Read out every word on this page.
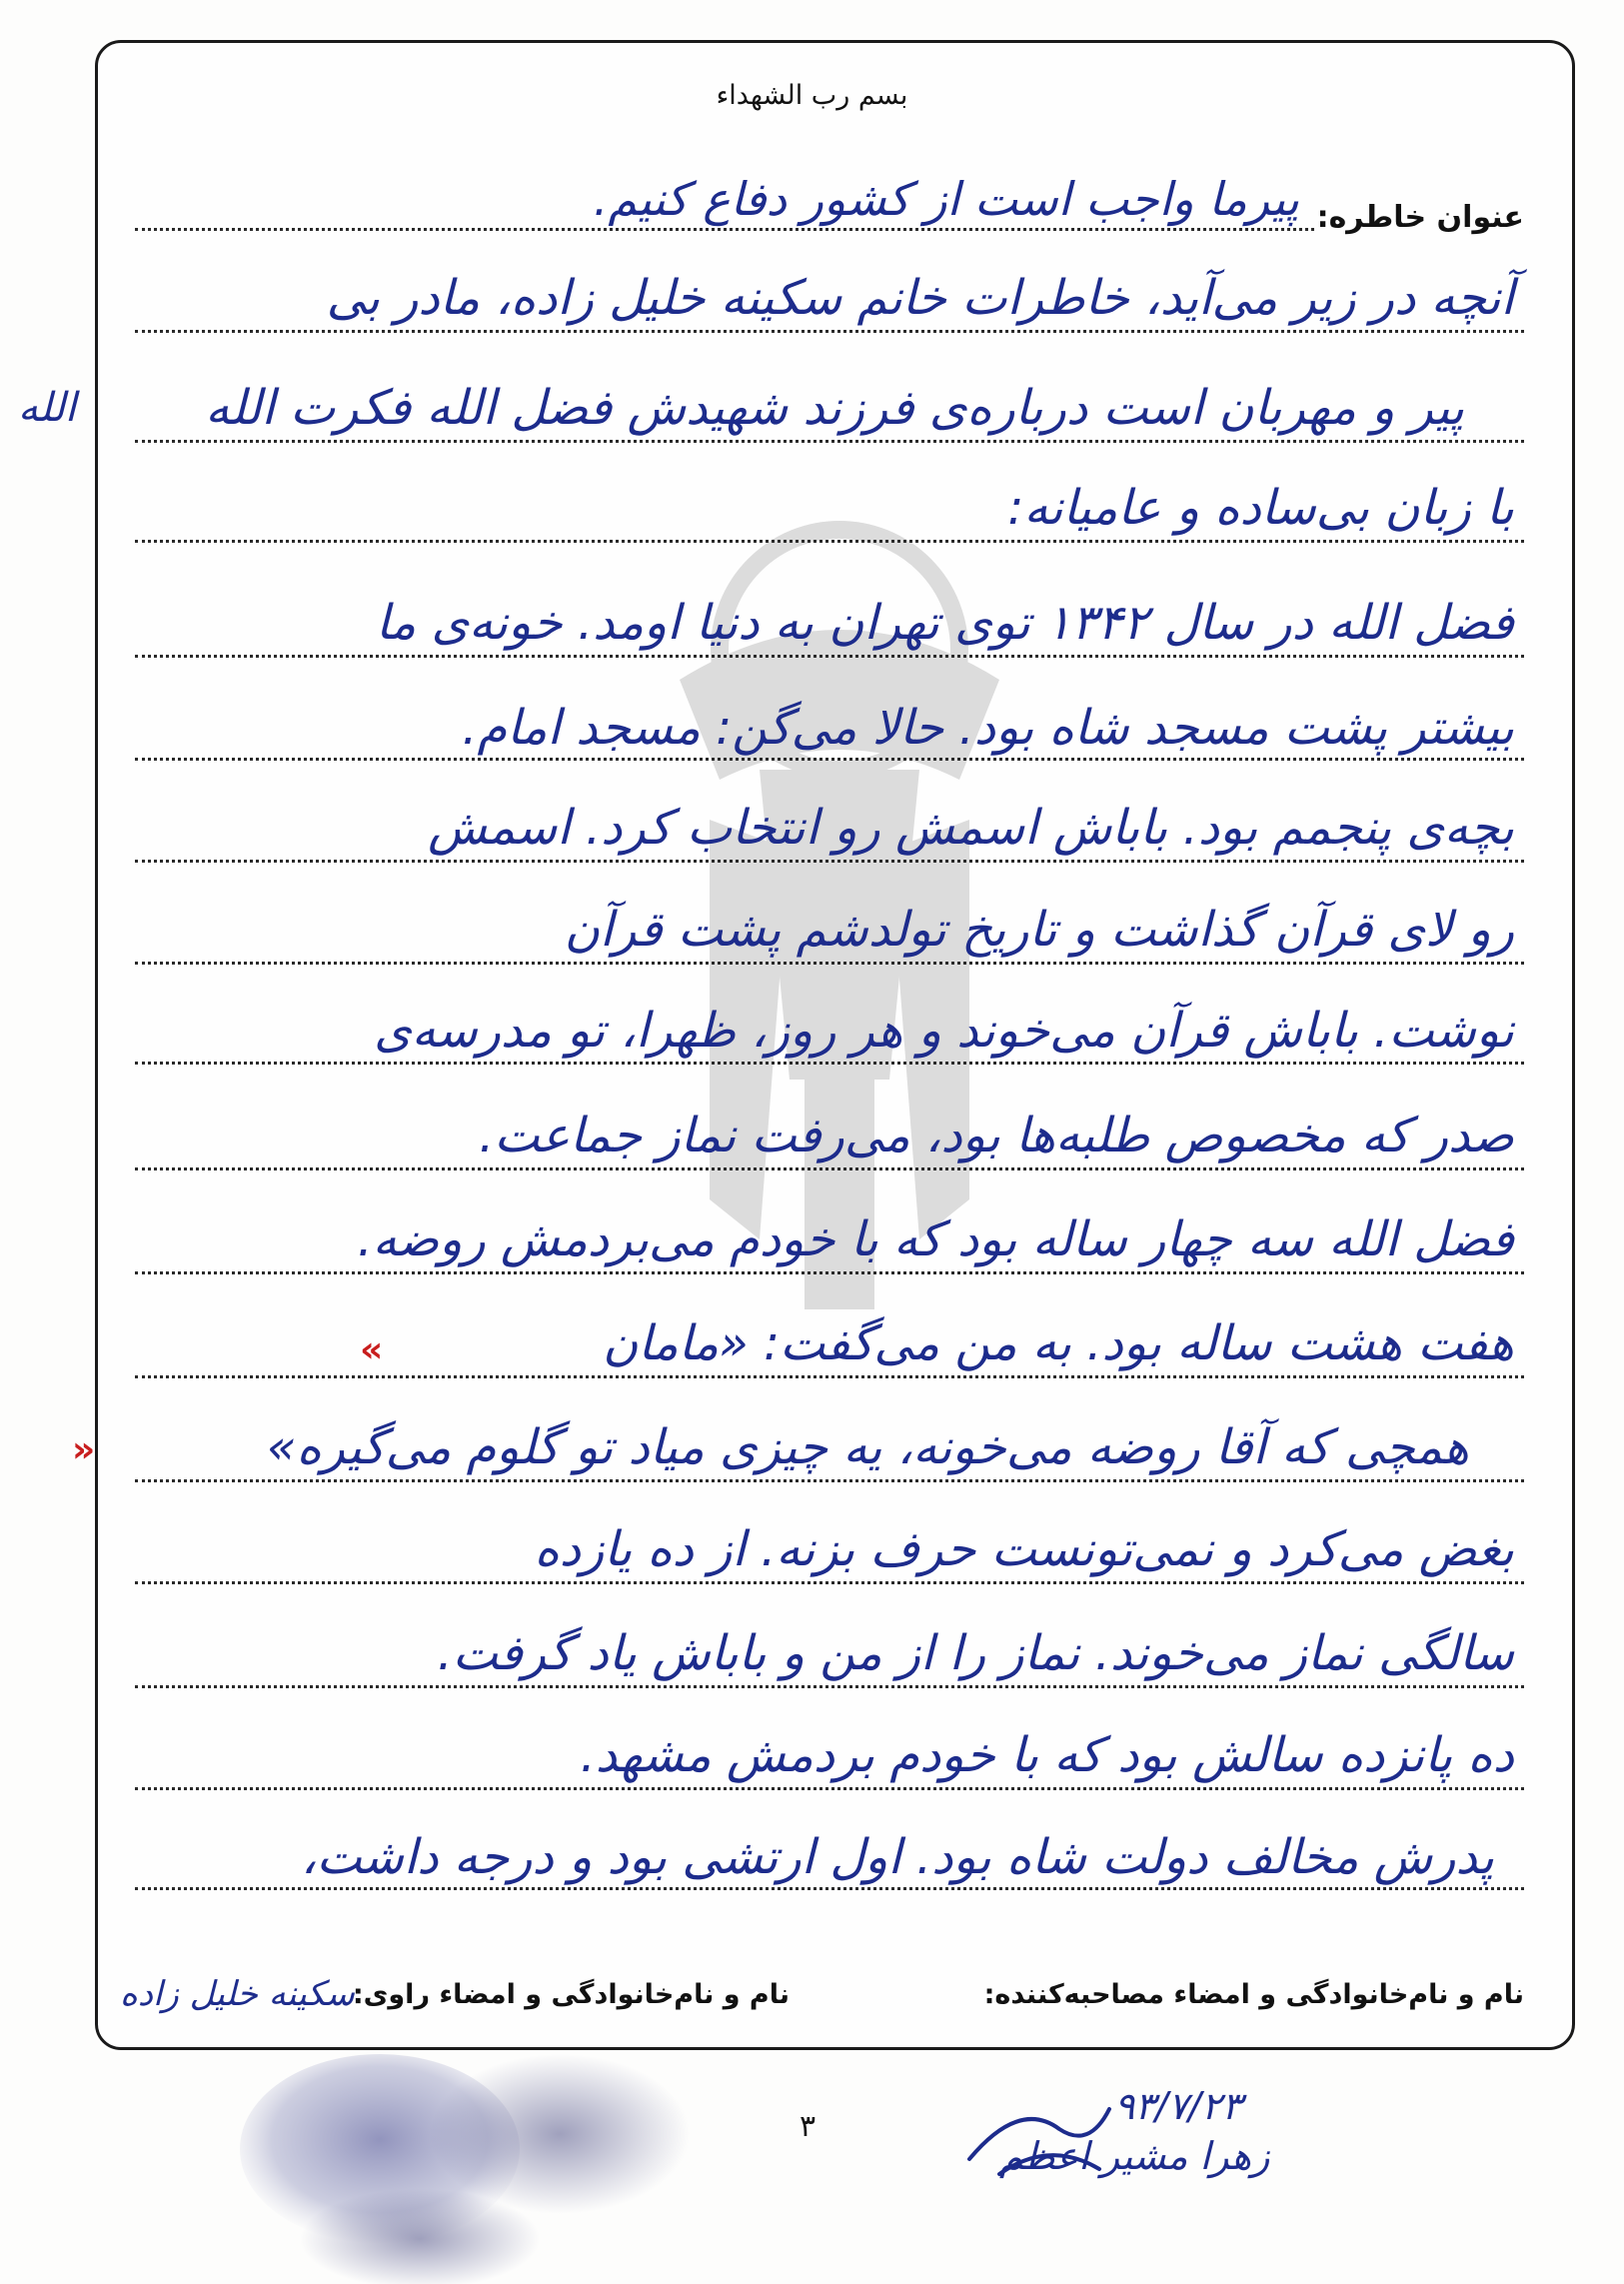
بسم رب الشهداء
عنوان خاطره:
پیرما واجب است از کشور دفاع کنیم.
آنچه در زیر می‌آید، خاطرات خانم سکینه خلیل زاده، مادر بی‌
پیر و مهربان است درباره‌ی فرزند شهیدش فضل الله فکرت الله
با زبان بی‌ساده و عامیانه:
فضل الله در سال ۱۳۴۲ توی تهران به دنیا اومد. خونه‌ی ما
بیشتر پشت مسجد شاه بود. حالا می‌گن: مسجد امام.
بچه‌ی پنجمم بود. باباش اسمش رو انتخاب کرد. اسمش
رو لای قرآن گذاشت و تاریخ تولدشم پشت قرآن
نوشت. باباش قرآن می‌خوند و هر روز، ظهرا، تو مدرسه‌ی
صدر که مخصوص طلبه‌ها بود، می‌رفت نماز جماعت.
فضل الله سه چهار ساله بود که با خودم می‌بردمش روضه.
هفت هشت ساله بود. به من می‌گفت: «مامان
همچی که آقا روضه می‌خونه، یه چیزی میاد تو گلوم می‌گیره»
بغض می‌کرد و نمی‌تونست حرف بزنه. از ده یازده
سالگی نماز می‌خوند. نماز را از من و باباش یاد گرفت.
ده پانزده سالش بود که با خودم بردمش مشهد.
پدرش مخالف دولت شاه بود. اول ارتشی بود و درجه داشت،
الله
«
»
نام و نام‌خانوادگی و امضاء مصاحبه‌کننده:
نام و نام‌خانوادگی و امضاء راوی:
سکینه خلیل زاده
۳	۹۳/۷/۲۳
زهرا مشیر اعظم
